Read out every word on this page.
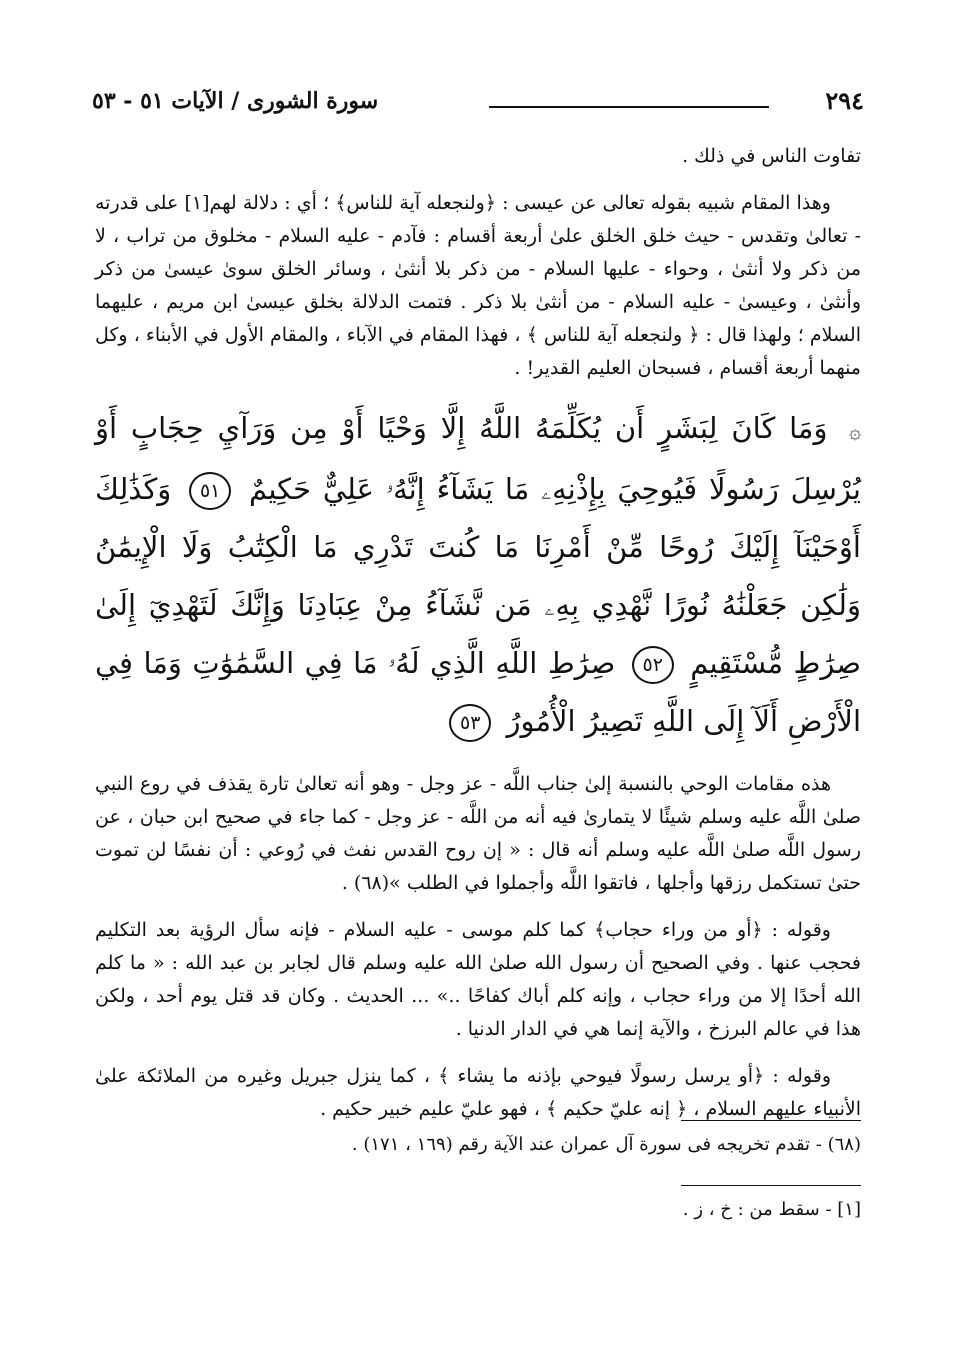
٢٩٤
سورة الشورى / الآيات ٥١ - ٥٣

تفاوت الناس في ذلك .

وهذا المقام شبيه بقوله تعالى عن عيسى : ﴿ولنجعله آية للناس﴾ ؛ أي : دلالة لهم[١] على قدرته - تعالىٰ وتقدس - حيث خلق الخلق علىٰ أربعة أقسام : فآدم - عليه السلام - مخلوق من تراب ، لا من ذكر ولا أنثىٰ ، وحواء - عليها السلام - من ذكر بلا أنثىٰ ، وسائر الخلق سوىٰ عيسىٰ من ذكر وأنثىٰ ، وعيسىٰ - عليه السلام - من أنثىٰ بلا ذكر . فتمت الدلالة بخلق عيسىٰ ابن مريم ، عليهما السلام ؛ ولهذا قال : ﴿ ولنجعله آية للناس ﴾ ، فهذا المقام في الآباء ، والمقام الأول في الأبناء ، وكل منهما أربعة أقسام ، فسبحان العليم القدير! .

۞ وَمَا كَانَ لِبَشَرٍ أَن يُكَلِّمَهُ اللَّهُ إِلَّا وَحْيًا أَوْ مِن وَرَآيِ حِجَابٍ أَوْ يُرْسِلَ رَسُولًا فَيُوحِيَ بِإِذْنِهِۦ مَا يَشَآءُ إِنَّهُۥ عَلِيٌّ حَكِيمٌ ٥١ وَكَذَٰلِكَ أَوْحَيْنَآ إِلَيْكَ رُوحًا مِّنْ أَمْرِنَا مَا كُنتَ تَدْرِي مَا الْكِتَٰبُ وَلَا الْإِيمَٰنُ وَلَٰكِن جَعَلْنَٰهُ نُورًا نَّهْدِي بِهِۦ مَن نَّشَآءُ مِنْ عِبَادِنَا وَإِنَّكَ لَتَهْدِيٓ إِلَىٰ صِرَٰطٍ مُّسْتَقِيمٍ ٥٢ صِرَٰطِ اللَّهِ الَّذِي لَهُۥ مَا فِي السَّمَٰوَٰتِ وَمَا فِي الْأَرْضِ أَلَآ إِلَى اللَّهِ تَصِيرُ الْأُمُورُ ٥٣

هذه مقامات الوحي بالنسبة إلىٰ جناب اللَّه - عز وجل - وهو أنه تعالىٰ تارة يقذف في روع النبي صلىٰ اللَّه عليه وسلم شيئًا لا يتمارىٰ فيه أنه من اللَّه - عز وجل - كما جاء في صحيح ابن حبان ، عن رسول اللَّه صلىٰ اللَّه عليه وسلم أنه قال : « إن روح القدس نفث في رُوعي : أن نفسًا لن تموت حتىٰ تستكمل رزقها وأجلها ، فاتقوا اللَّه وأجملوا في الطلب »(٦٨) .

وقوله : ﴿أو من وراء حجاب﴾ كما كلم موسى - عليه السلام - فإنه سأل الرؤية بعد التكليم فحجب عنها . وفي الصحيح أن رسول الله صلىٰ الله عليه وسلم قال لجابر بن عبد الله : « ما كلم الله أحدًا إلا من وراء حجاب ، وإنه كلم أباك كفاحًا ..» ... الحديث . وكان قد قتل يوم أحد ، ولكن هذا في عالم البرزخ ، والآية إنما هي في الدار الدنيا .

وقوله : ﴿أو يرسل رسولًا فيوحي بإذنه ما يشاء ﴾ ، كما ينزل جبريل وغيره من الملائكة علىٰ الأنبياء عليهم السلام ، ﴿ إنه عليّ حكيم ﴾ ، فهو عليّ عليم خبير حكيم .

(٦٨) - تقدم تخريجه فى سورة آل عمران عند الآية رقم (١٦٩ ، ١٧١) .

[١] - سقط من : خ ، ز .
